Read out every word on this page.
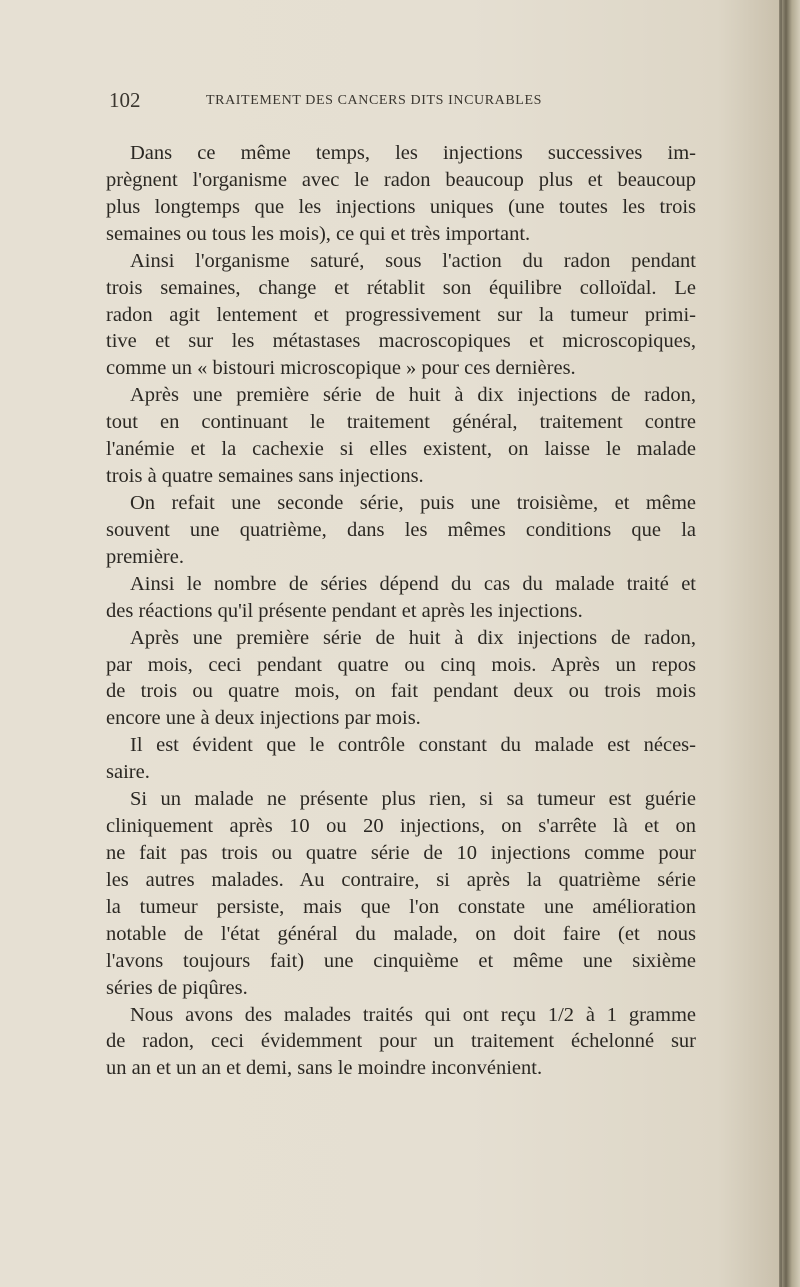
102	TRAITEMENT DES CANCERS DITS INCURABLES
Dans ce même temps, les injections successives im-
prègnent l'organisme avec le radon beaucoup plus et beaucoup
plus longtemps que les injections uniques (une toutes les trois
semaines ou tous les mois), ce qui et très important.
Ainsi l'organisme saturé, sous l'action du radon pendant
trois semaines, change et rétablit son équilibre colloïdal. Le
radon agit lentement et progressivement sur la tumeur primi-
tive et sur les métastases macroscopiques et microscopiques,
comme un « bistouri microscopique » pour ces dernières.
Après une première série de huit à dix injections de radon,
tout en continuant le traitement général, traitement contre
l'anémie et la cachexie si elles existent, on laisse le malade
trois à quatre semaines sans injections.
On refait une seconde série, puis une troisième, et même
souvent une quatrième, dans les mêmes conditions que la
première.
Ainsi le nombre de séries dépend du cas du malade traité et
des réactions qu'il présente pendant et après les injections.
Après une première série de huit à dix injections de radon,
par mois, ceci pendant quatre ou cinq mois. Après un repos
de trois ou quatre mois, on fait pendant deux ou trois mois
encore une à deux injections par mois.
Il est évident que le contrôle constant du malade est néces-
saire.
Si un malade ne présente plus rien, si sa tumeur est guérie
cliniquement après 10 ou 20 injections, on s'arrête là et on
ne fait pas trois ou quatre série de 10 injections comme pour
les autres malades. Au contraire, si après la quatrième série
la tumeur persiste, mais que l'on constate une amélioration
notable de l'état général du malade, on doit faire (et nous
l'avons toujours fait) une cinquième et même une sixième
séries de piqûres.
Nous avons des malades traités qui ont reçu 1/2 à 1 gramme
de radon, ceci évidemment pour un traitement échelonné sur
un an et un an et demi, sans le moindre inconvénient.
